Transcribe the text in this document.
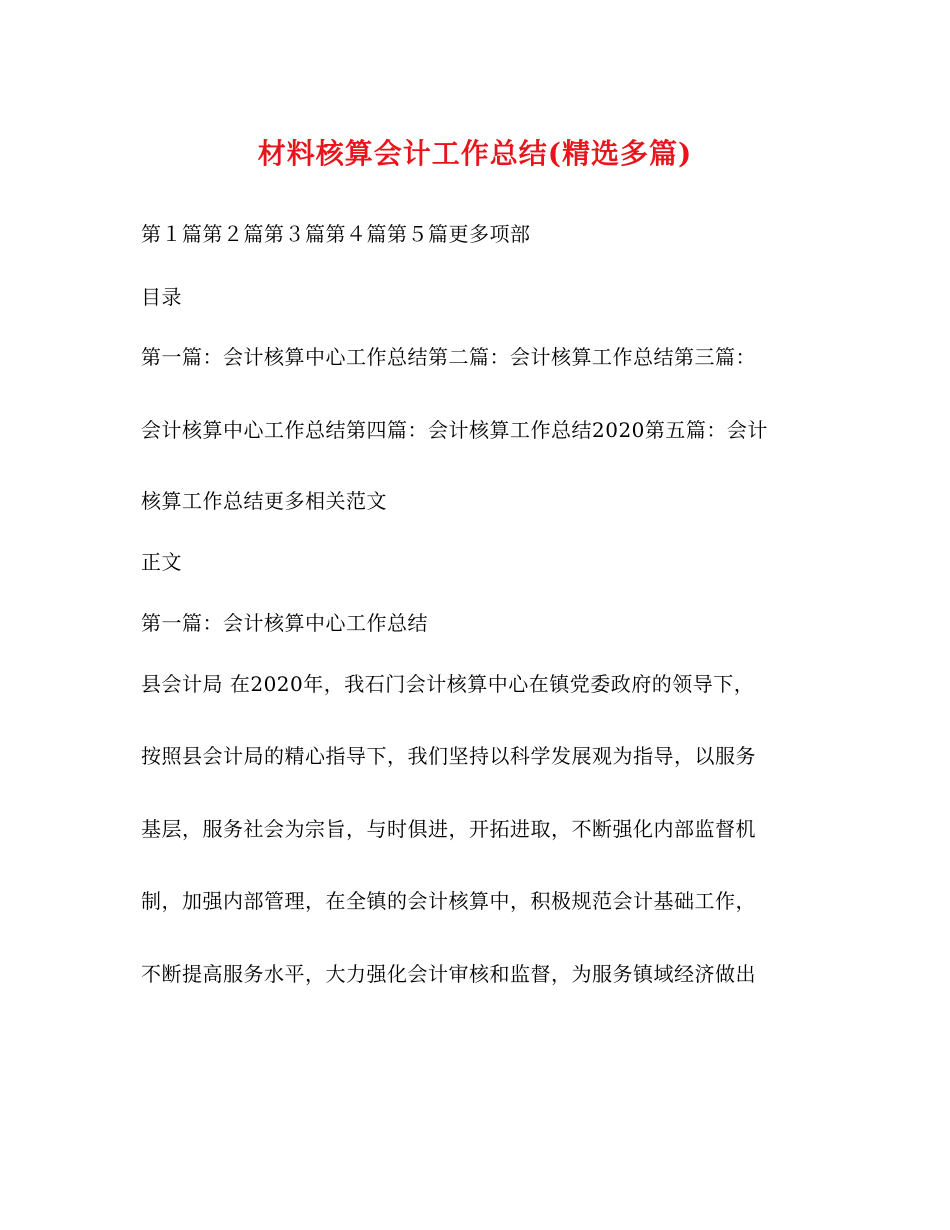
材料核算会计工作总结(精选多篇)
第１篇第２篇第３篇第４篇第５篇更多项部
目录
第一篇：会计核算中心工作总结第二篇：会计核算工作总结第三篇：
会计核算中心工作总结第四篇：会计核算工作总结2020第五篇：会计
核算工作总结更多相关范文
正文
第一篇：会计核算中心工作总结
县会计局 在2020年，我石门会计核算中心在镇党委政府的领导下，
按照县会计局的精心指导下，我们坚持以科学发展观为指导，以服务
基层，服务社会为宗旨，与时俱进，开拓进取，不断强化内部监督机
制，加强内部管理，在全镇的会计核算中，积极规范会计基础工作，
不断提高服务水平，大力强化会计审核和监督，为服务镇域经济做出
